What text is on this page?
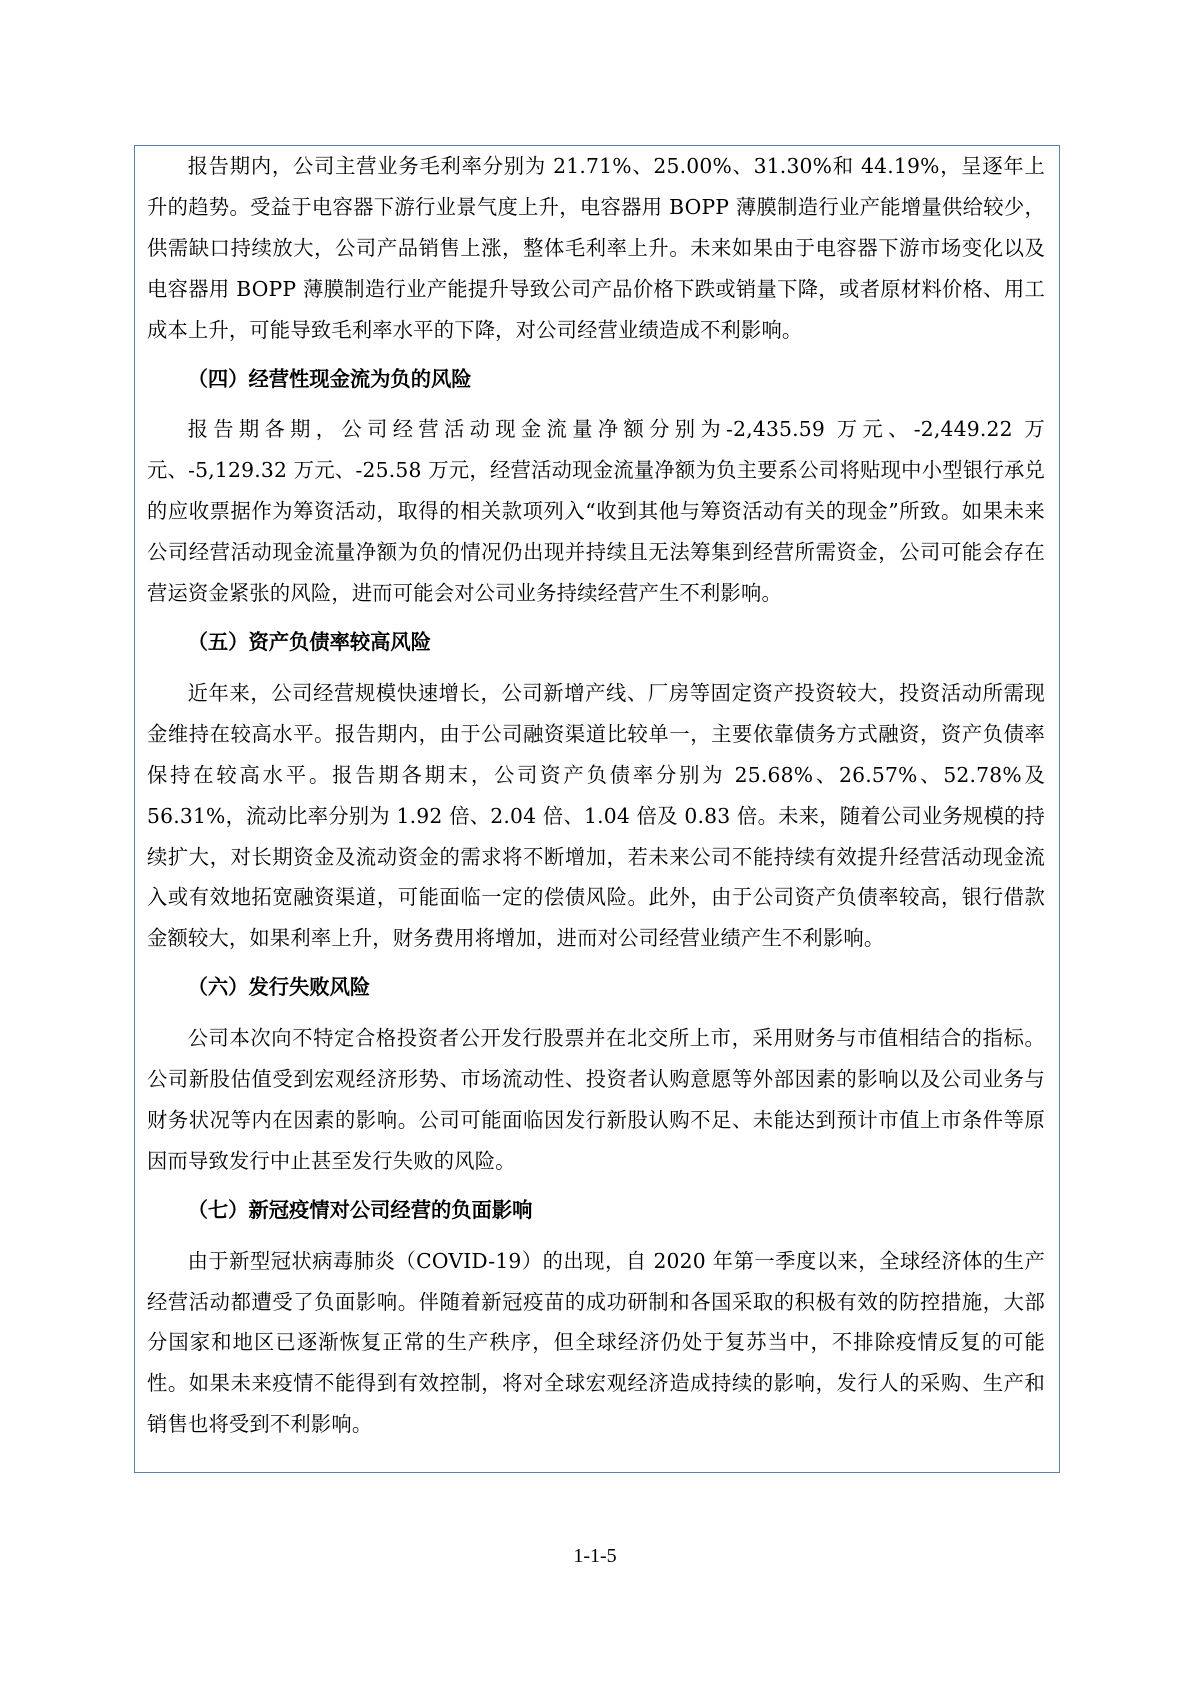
报告期内，公司主营业务毛利率分别为 21.71%、25.00%、31.30%和 44.19%，呈逐年上升的趋势。受益于电容器下游行业景气度上升，电容器用 BOPP 薄膜制造行业产能增量供给较少，供需缺口持续放大，公司产品销售上涨，整体毛利率上升。未来如果由于电容器下游市场变化以及电容器用 BOPP 薄膜制造行业产能提升导致公司产品价格下跌或销量下降，或者原材料价格、用工成本上升，可能导致毛利率水平的下降，对公司经营业绩造成不利影响。

（四）经营性现金流为负的风险

报告期各期，公司经营活动现金流量净额分别为-2,435.59 万元、-2,449.22 万元、-5,129.32 万元、-25.58 万元，经营活动现金流量净额为负主要系公司将贴现中小型银行承兑的应收票据作为筹资活动，取得的相关款项列入“收到其他与筹资活动有关的现金”所致。如果未来公司经营活动现金流量净额为负的情况仍出现并持续且无法筹集到经营所需资金，公司可能会存在营运资金紧张的风险，进而可能会对公司业务持续经营产生不利影响。

（五）资产负债率较高风险

近年来，公司经营规模快速增长，公司新增产线、厂房等固定资产投资较大，投资活动所需现金维持在较高水平。报告期内，由于公司融资渠道比较单一，主要依靠债务方式融资，资产负债率保持在较高水平。报告期各期末，公司资产负债率分别为 25.68%、26.57%、52.78%及 56.31%，流动比率分别为 1.92 倍、2.04 倍、1.04 倍及 0.83 倍。未来，随着公司业务规模的持续扩大，对长期资金及流动资金的需求将不断增加，若未来公司不能持续有效提升经营活动现金流入或有效地拓宽融资渠道，可能面临一定的偿债风险。此外，由于公司资产负债率较高，银行借款金额较大，如果利率上升，财务费用将增加，进而对公司经营业绩产生不利影响。

（六）发行失败风险

公司本次向不特定合格投资者公开发行股票并在北交所上市，采用财务与市值相结合的指标。公司新股估值受到宏观经济形势、市场流动性、投资者认购意愿等外部因素的影响以及公司业务与财务状况等内在因素的影响。公司可能面临因发行新股认购不足、未能达到预计市值上市条件等原因而导致发行中止甚至发行失败的风险。

（七）新冠疫情对公司经营的负面影响

由于新型冠状病毒肺炎（COVID-19）的出现，自 2020 年第一季度以来，全球经济体的生产经营活动都遭受了负面影响。伴随着新冠疫苗的成功研制和各国采取的积极有效的防控措施，大部分国家和地区已逐渐恢复正常的生产秩序，但全球经济仍处于复苏当中，不排除疫情反复的可能性。如果未来疫情不能得到有效控制，将对全球宏观经济造成持续的影响，发行人的采购、生产和销售也将受到不利影响。

1-1-5
